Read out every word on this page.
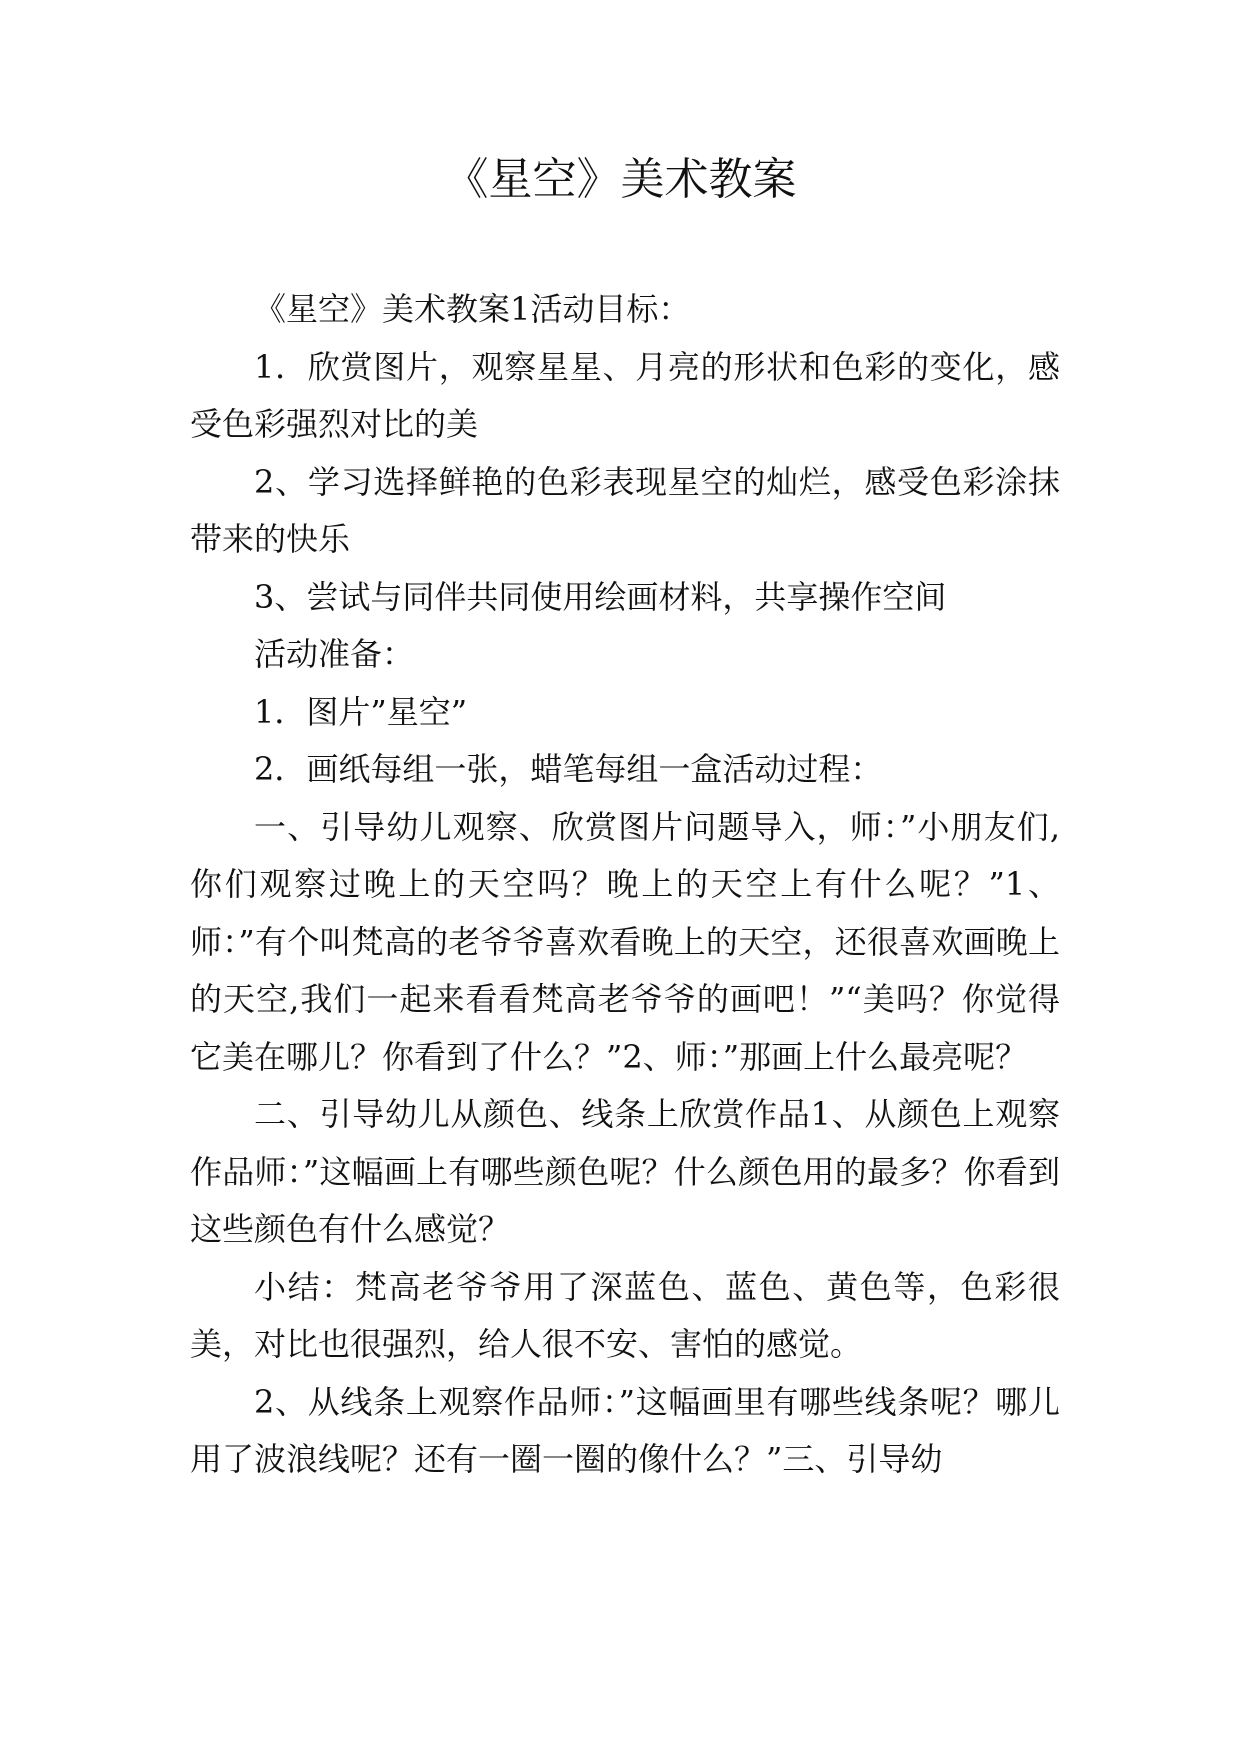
《星空》美术教案

《星空》美术教案1活动目标：

1．欣赏图片，观察星星、月亮的形状和色彩的变化，感受色彩强烈对比的美

2、学习选择鲜艳的色彩表现星空的灿烂，感受色彩涂抹带来的快乐

3、尝试与同伴共同使用绘画材料，共享操作空间

活动准备：

1．图片”星空”

2．画纸每组一张，蜡笔每组一盒活动过程：

一、引导幼儿观察、欣赏图片问题导入，师：”小朋友们,你们观察过晚上的天空吗？晚上的天空上有什么呢？”1、师：”有个叫梵高的老爷爷喜欢看晚上的天空，还很喜欢画晚上的天空,我们一起来看看梵高老爷爷的画吧！”“美吗？你觉得它美在哪儿？你看到了什么？”2、师：”那画上什么最亮呢？

二、引导幼儿从颜色、线条上欣赏作品1、从颜色上观察作品师：”这幅画上有哪些颜色呢？什么颜色用的最多？你看到这些颜色有什么感觉？

小结：梵高老爷爷用了深蓝色、蓝色、黄色等，色彩很美，对比也很强烈，给人很不安、害怕的感觉。

2、从线条上观察作品师：”这幅画里有哪些线条呢？哪儿用了波浪线呢？还有一圈一圈的像什么？”三、引导幼
